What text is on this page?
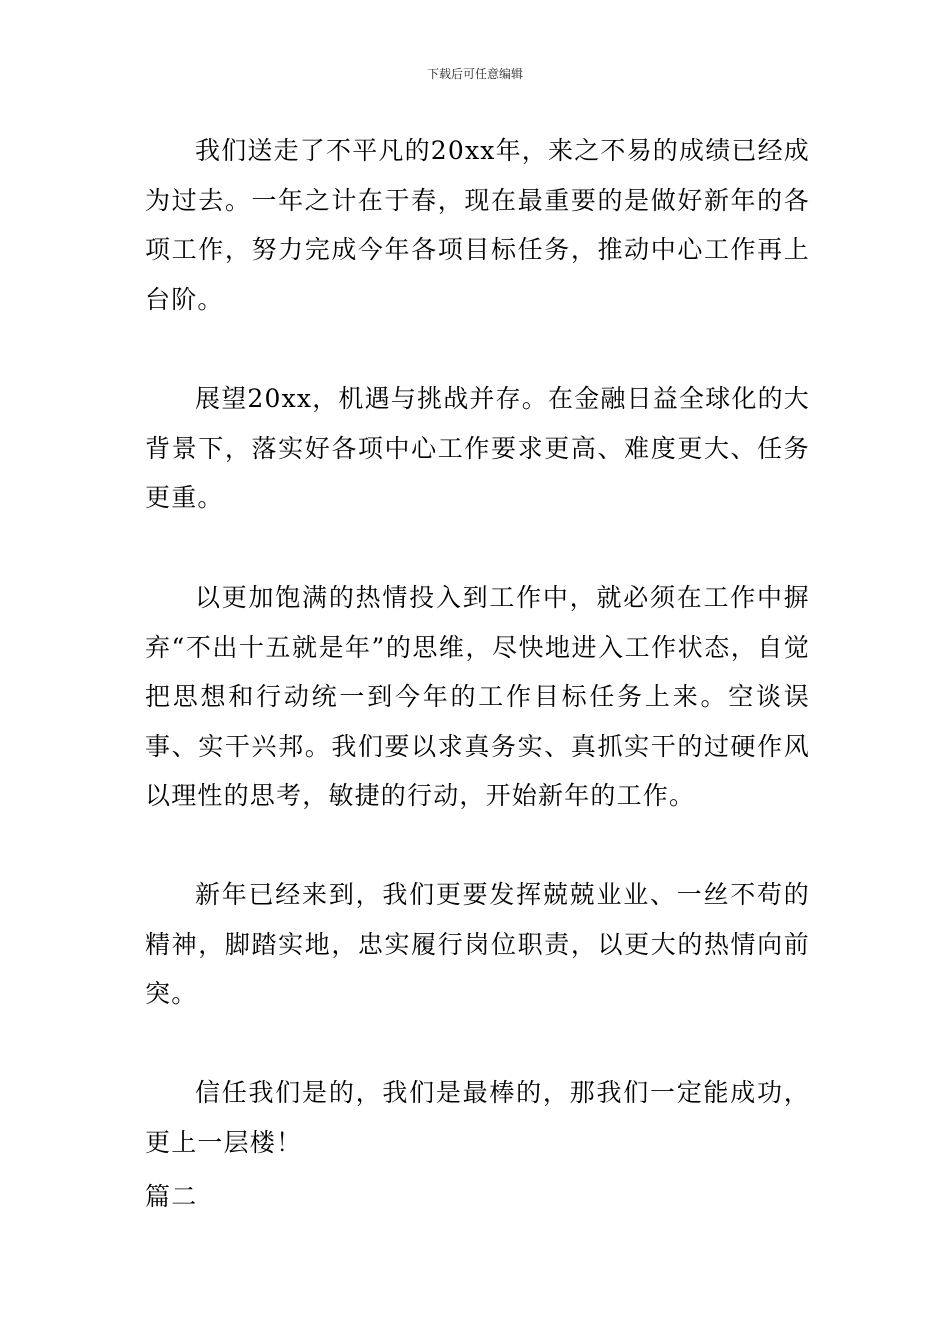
下载后可任意编辑

我们送走了不平凡的20xx年，来之不易的成绩已经成为过去。一年之计在于春，现在最重要的是做好新年的各项工作，努力完成今年各项目标任务，推动中心工作再上台阶。

展望20xx，机遇与挑战并存。在金融日益全球化的大背景下，落实好各项中心工作要求更高、难度更大、任务更重。

以更加饱满的热情投入到工作中，就必须在工作中摒弃“不出十五就是年”的思维，尽快地进入工作状态，自觉把思想和行动统一到今年的工作目标任务上来。空谈误事、实干兴邦。我们要以求真务实、真抓实干的过硬作风以理性的思考，敏捷的行动，开始新年的工作。

新年已经来到，我们更要发挥兢兢业业、一丝不苟的精神，脚踏实地，忠实履行岗位职责，以更大的热情向前突。

信任我们是的，我们是最棒的，那我们一定能成功，更上一层楼！

篇二
